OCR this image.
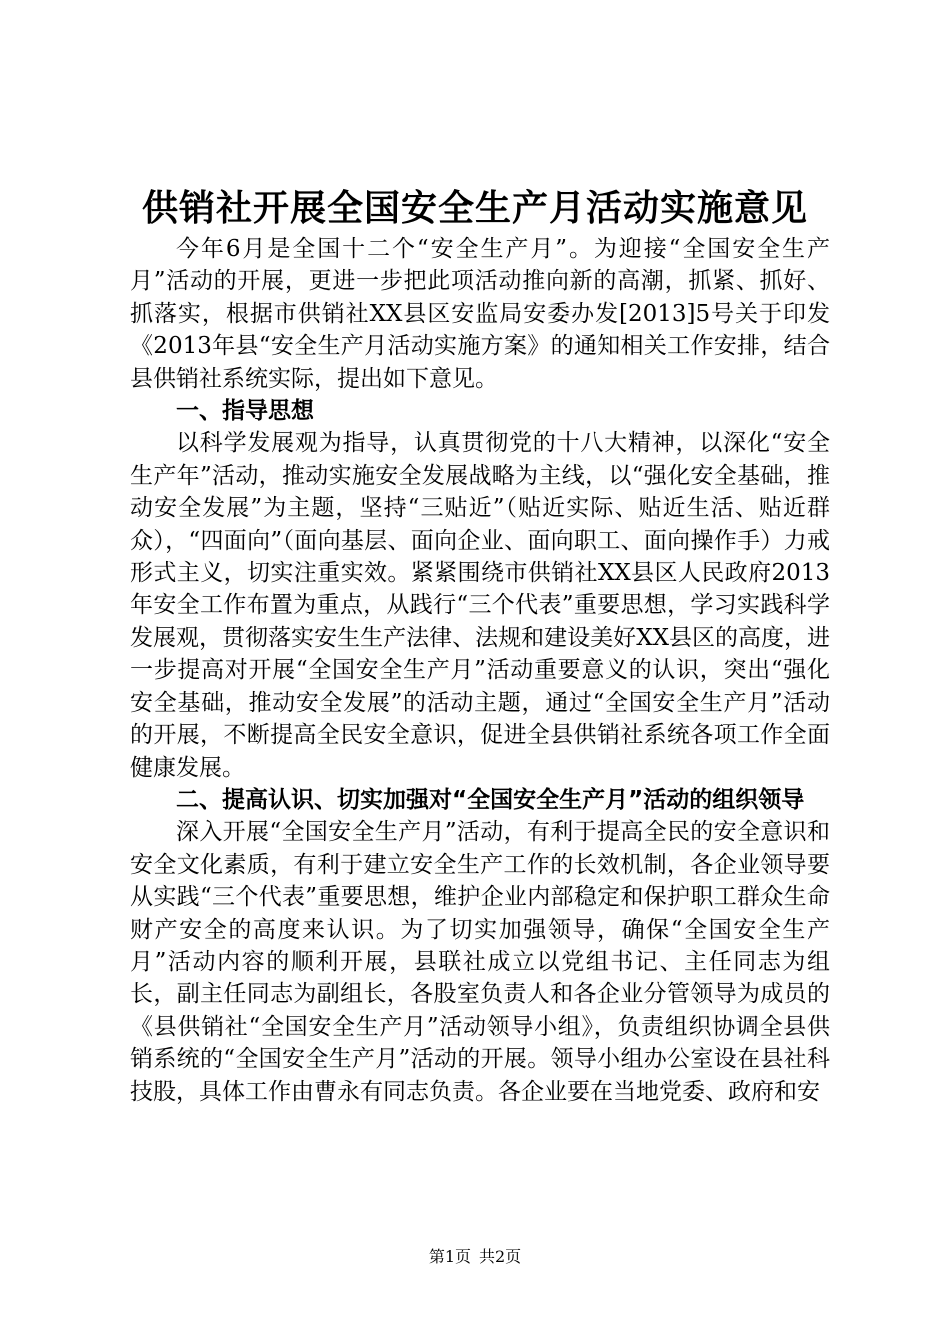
供销社开展全国安全生产月活动实施意见

今年6月是全国十二个“安全生产月”。为迎接“全国安全生产月”活动的开展，更进一步把此项活动推向新的高潮，抓紧、抓好、抓落实，根据市供销社XX县区安监局安委办发[2013]5号关于印发《2013年县“安全生产月活动实施方案》的通知相关工作安排，结合县供销社系统实际，提出如下意见。

一、指导思想

以科学发展观为指导，认真贯彻党的十八大精神，以深化“安全生产年”活动，推动实施安全发展战略为主线，以“强化安全基础，推动安全发展”为主题，坚持“三贴近”（贴近实际、贴近生活、贴近群众），“四面向”（面向基层、面向企业、面向职工、面向操作手）力戒形式主义，切实注重实效。紧紧围绕市供销社XX县区人民政府2013年安全工作布置为重点，从践行“三个代表”重要思想，学习实践科学发展观，贯彻落实安生生产法律、法规和建设美好XX县区的高度，进一步提高对开展“全国安全生产月”活动重要意义的认识，突出“强化安全基础，推动安全发展”的活动主题，通过“全国安全生产月”活动的开展，不断提高全民安全意识，促进全县供销社系统各项工作全面健康发展。

二、提高认识、切实加强对“全国安全生产月”活动的组织领导

深入开展“全国安全生产月”活动，有利于提高全民的安全意识和安全文化素质，有利于建立安全生产工作的长效机制，各企业领导要从实践“三个代表”重要思想，维护企业内部稳定和保护职工群众生命财产安全的高度来认识。为了切实加强领导，确保“全国安全生产月”活动内容的顺利开展，县联社成立以党组书记、主任同志为组长，副主任同志为副组长，各股室负责人和各企业分管领导为成员的《县供销社“全国安全生产月”活动领导小组》，负责组织协调全县供销系统的“全国安全生产月”活动的开展。领导小组办公室设在县社科技股，具体工作由曹永有同志负责。各企业要在当地党委、政府和安

第1页 共2页
